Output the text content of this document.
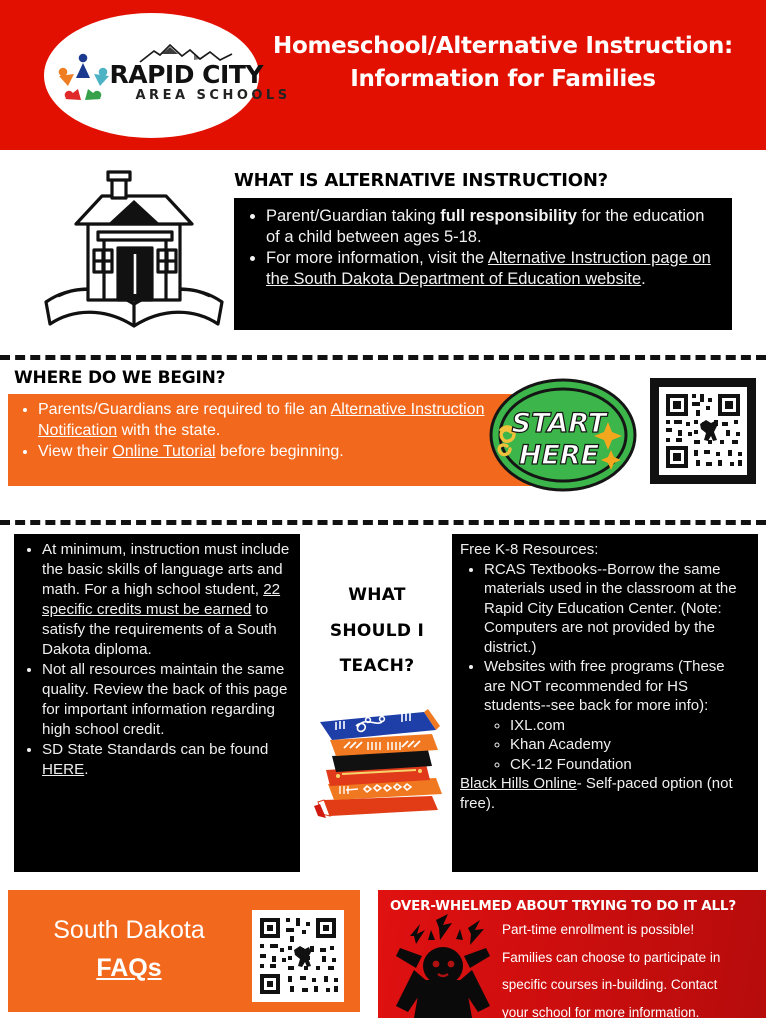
RAPID CITY
AREA SCHOOLS
Homeschool/Alternative Instruction:
Information for Families
WHAT IS ALTERNATIVE INSTRUCTION?
• Parent/Guardian taking full responsibility for the education of a child between ages 5-18.
• For more information, visit the Alternative Instruction page on the South Dakota Department of Education website.
WHERE DO WE BEGIN?
• Parents/Guardians are required to file an Alternative Instruction Notification with the state.
• View their Online Tutorial before beginning.
START
HERE
• At minimum, instruction must include the basic skills of language arts and math. For a high school student, 22 specific credits must be earned to satisfy the requirements of a South Dakota diploma.
• Not all resources maintain the same quality. Review the back of this page for important information regarding high school credit.
• SD State Standards can be found HERE.
WHAT
SHOULD I
TEACH?

Free K-8 Resources:

• RCAS Textbooks--Borrow the same materials used in the classroom at the Rapid City Education Center. (Note: Computers are not provided by the district.)
• Websites with free programs (These are NOT recommended for HS students--see back for more info):
◦ IXL.com
◦ Khan Academy
◦ CK-12 Foundation

Black Hills Online- Self-paced option (not free).

South Dakota
FAQs
OVER-WHELMED ABOUT TRYING TO DO IT ALL?
Part-time enrollment is possible!
Families can choose to participate in
specific courses in-building. Contact
your school for more information.
